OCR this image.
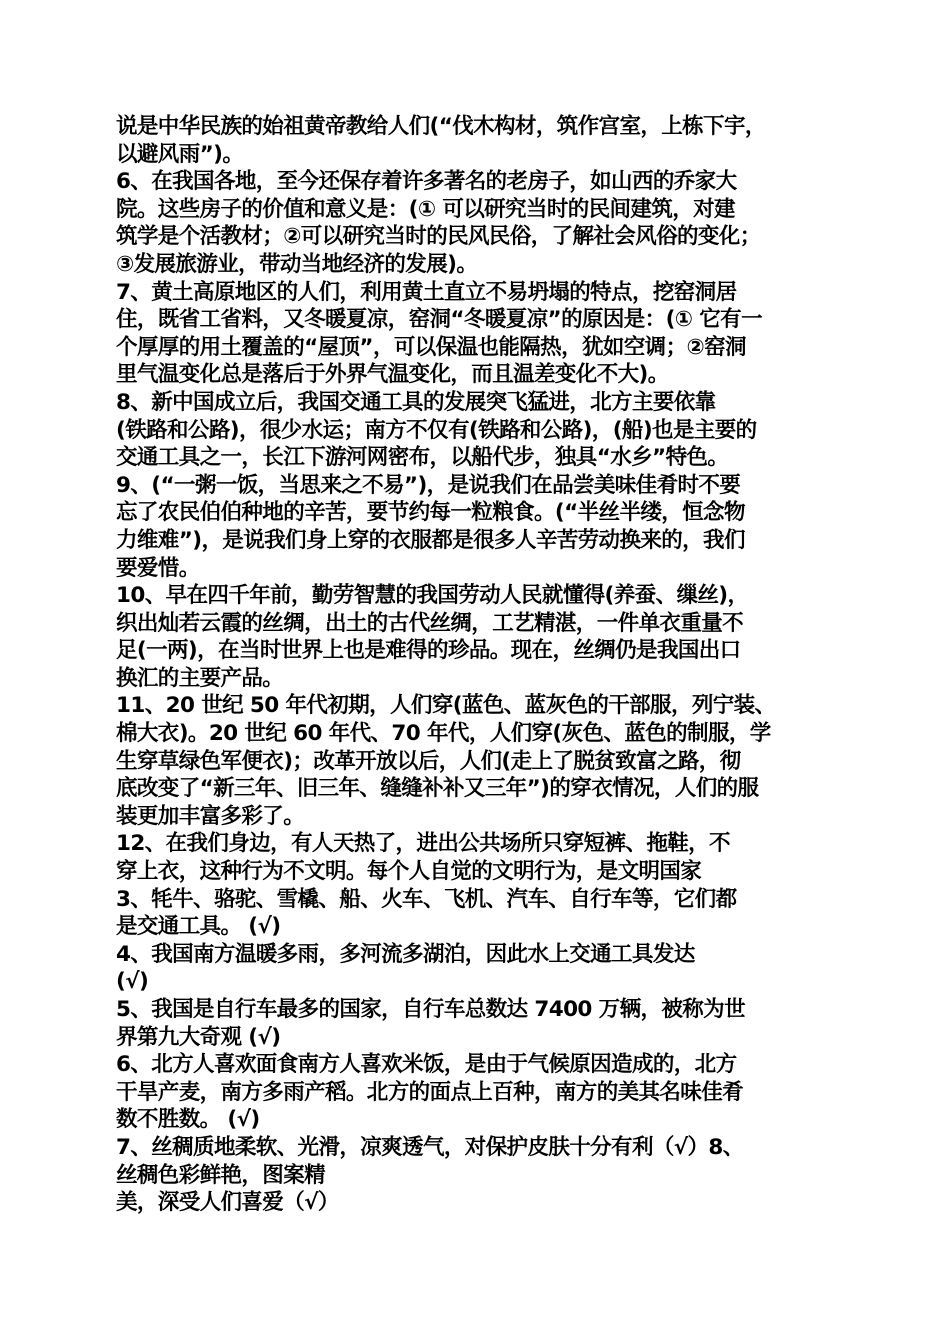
说是中华民族的始祖黄帝教给人们(“伐木构材，筑作宫室，上栋下宇，
以避风雨”)。
6、在我国各地，至今还保存着许多著名的老房子，如山西的乔家大
院。这些房子的价值和意义是：(① 可以研究当时的民间建筑，对建
筑学是个活教材；②可以研究当时的民风民俗，了解社会风俗的变化；
③发展旅游业，带动当地经济的发展)。
7、黄土高原地区的人们，利用黄土直立不易坍塌的特点，挖窑洞居
住，既省工省料，又冬暖夏凉，窑洞“冬暖夏凉”的原因是：(① 它有一
个厚厚的用土覆盖的“屋顶”，可以保温也能隔热，犹如空调；②窑洞
里气温变化总是落后于外界气温变化，而且温差变化不大)。
8、新中国成立后，我国交通工具的发展突飞猛进，北方主要依靠
(铁路和公路)，很少水运；南方不仅有(铁路和公路)，(船)也是主要的
交通工具之一，长江下游河网密布，以船代步，独具“水乡”特色。
9、(“一粥一饭，当思来之不易”)，是说我们在品尝美味佳肴时不要
忘了农民伯伯种地的辛苦，要节约每一粒粮食。(“半丝半缕，恒念物
力维难”)，是说我们身上穿的衣服都是很多人辛苦劳动换来的，我们
要爱惜。
10、早在四千年前，勤劳智慧的我国劳动人民就懂得(养蚕、缫丝)，
织出灿若云霞的丝绸，出土的古代丝绸，工艺精湛，一件单衣重量不
足(一两)，在当时世界上也是难得的珍品。现在，丝绸仍是我国出口
换汇的主要产品。
11、20 世纪 50 年代初期，人们穿(蓝色、蓝灰色的干部服，列宁装、
棉大衣)。20 世纪 60 年代、70 年代，人们穿(灰色、蓝色的制服，学
生穿草绿色军便衣)；改革开放以后，人们(走上了脱贫致富之路，彻
底改变了“新三年、旧三年、缝缝补补又三年”)的穿衣情况，人们的服
装更加丰富多彩了。
12、在我们身边，有人天热了，进出公共场所只穿短裤、拖鞋，不
穿上衣，这种行为不文明。每个人自觉的文明行为，是文明国家
3、牦牛、骆驼、雪橇、船、火车、飞机、汽车、自行车等，它们都
是交通工具。 (√)
4、我国南方温暖多雨，多河流多湖泊，因此水上交通工具发达
(√)
5、我国是自行车最多的国家，自行车总数达 7400 万辆，被称为世
界第九大奇观 (√)
6、北方人喜欢面食南方人喜欢米饭，是由于气候原因造成的，北方
干旱产麦，南方多雨产稻。北方的面点上百种，南方的美其名味佳肴
数不胜数。 (√)
7、丝稠质地柔软、光滑，凉爽透气，对保护皮肤十分有利（√）8、
丝稠色彩鲜艳，图案精
美，深受人们喜爱（√）
